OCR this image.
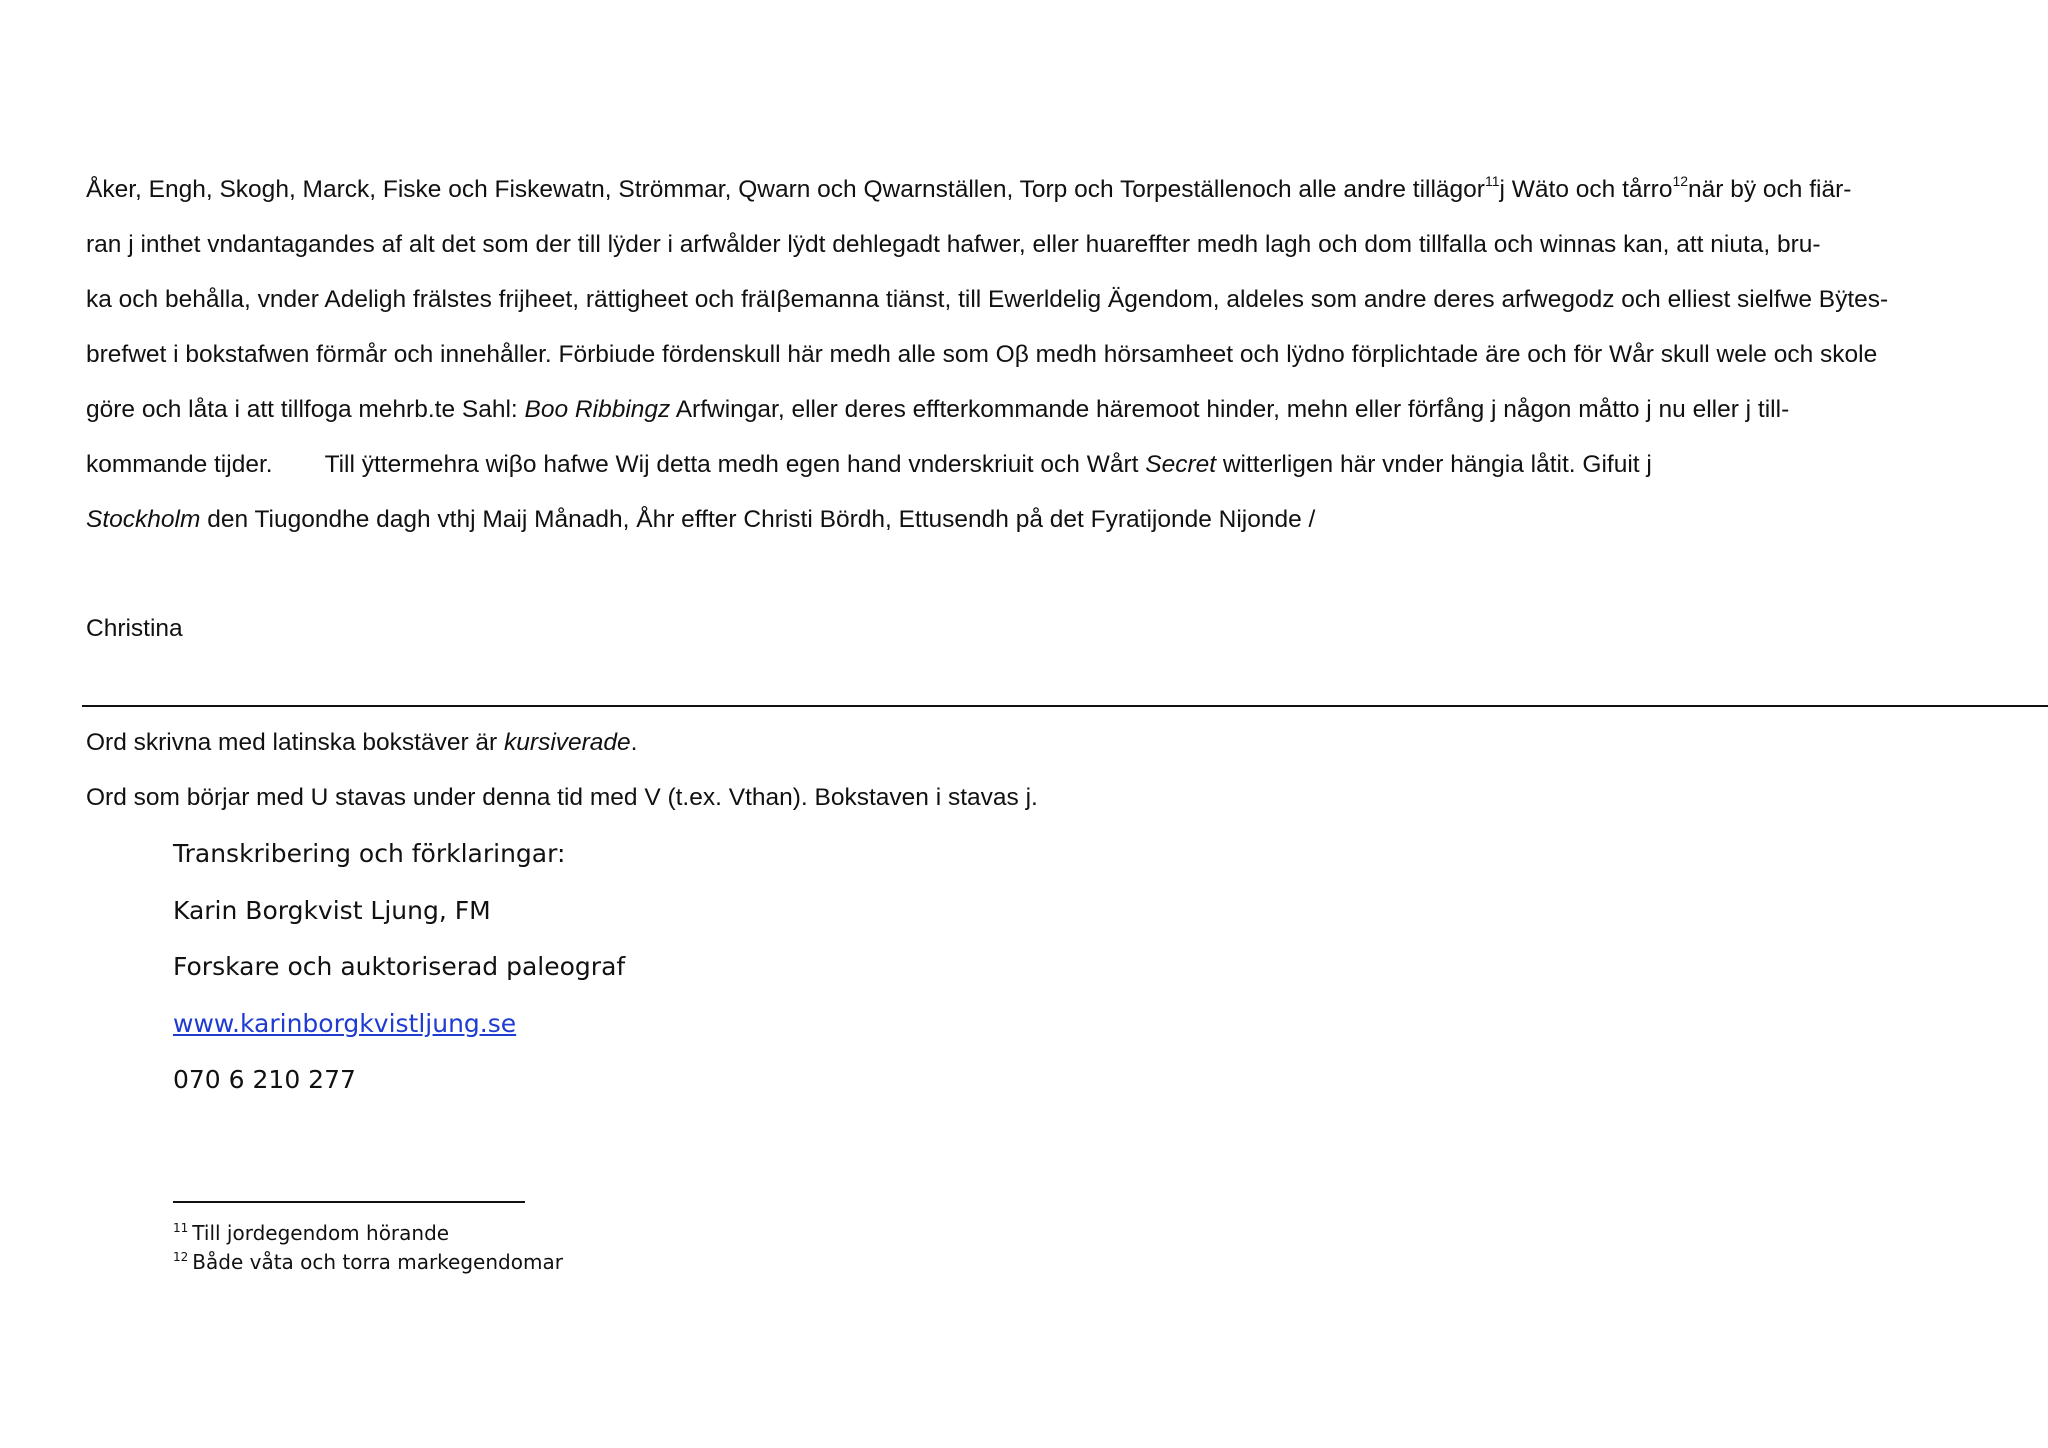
Åker, Engh, Skogh, Marck, Fiske och Fiskewatn, Strömmar, Qwarn och Qwarnställen, Torp och Torpeställenoch alle andre tillägor$^{11}$j Wäto och tårro$^{12}$när bÿ och fiär-
ran j inthet vndantagandes af alt det som der till lÿder i arfwålder lÿdt dehlegadt hafwer, eller huareffter medh lagh och dom tillfalla och winnas kan, att niuta, bru-
ka och behålla, vnder Adeligh frälstes frijheet, rättigheet och fräIβemanna tiänst, till Ewerldelig Ägendom, aldeles som andre deres arfwegodz och elliest sielfwe Bÿtes-
brefwet i bokstafwen förmår och innehåller. Förbiude fördenskull här medh alle som Oβ medh hörsamheet och lÿdno förplichtade äre och för Wår skull wele och skole
göre och låta i att tillfoga mehrb.te Sahl: Boo Ribbingz Arfwingar, eller deres effterkommande häremoot hinder, mehn eller förfång j någon måtto j nu eller j till-
kommande tijder. Till ÿttermehra wiβo hafwe Wij detta medh egen hand vnderskriuit och Wårt Secret witterligen här vnder hängia låtit. Gifuit j
Stockholm den Tiugondhe dagh vthj Maij Månadh, Åhr effter Christi Bördh, Ettusendh på det Fyratijonde Nijonde /
Christina
Ord skrivna med latinska bokstäver är kursiverade.
Ord som börjar med U stavas under denna tid med V (t.ex. Vthan). Bokstaven i stavas j.
Transkribering och förklaringar:
Karin Borgkvist Ljung, FM
Forskare och auktoriserad paleograf
www.karinborgkvistljung.se
070 6 210 277
$^{11}$ Till jordegendom hörande
$^{12}$ Både våta och torra markegendomar
